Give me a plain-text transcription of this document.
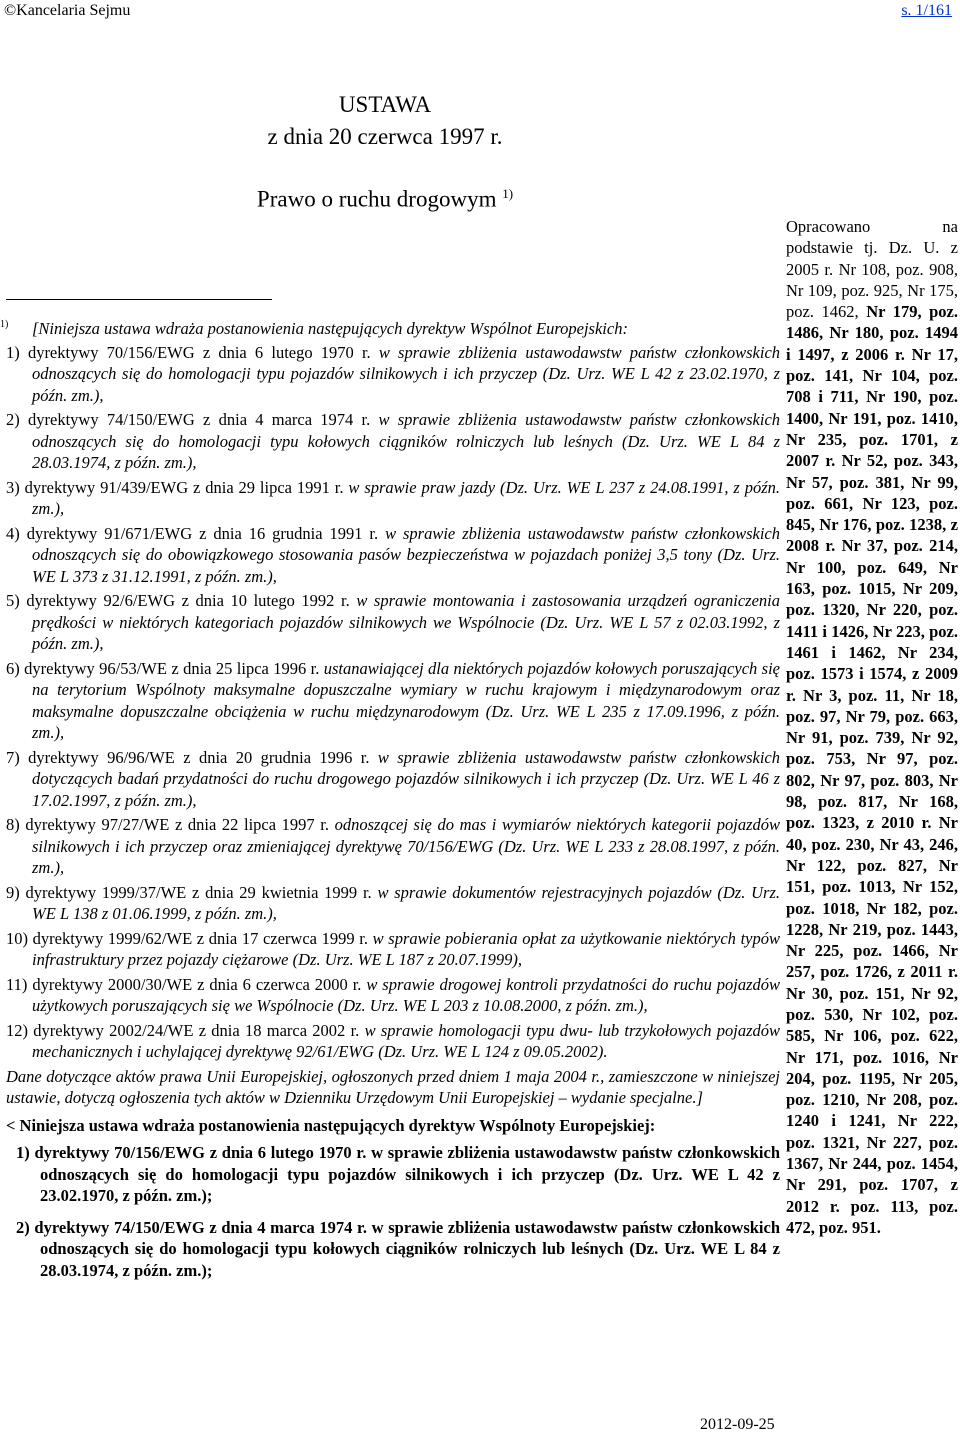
©Kancelaria Sejmu	s. 1/161
USTAWA
z dnia 20 czerwca 1997 r.
Prawo o ruchu drogowym $^{1)}$

1) [Niniejsza ustawa wdraża postanowienia następujących dyrektyw Wspólnot Europejskich:

1) dyrektywy 70/156/EWG z dnia 6 lutego 1970 r. w sprawie zbliżenia ustawodawstw państw członkowskich odnoszących się do homologacji typu pojazdów silnikowych i ich przyczep (Dz. Urz. WE L 42 z 23.02.1970, z późn. zm.),

2) dyrektywy 74/150/EWG z dnia 4 marca 1974 r. w sprawie zbliżenia ustawodawstw państw członkowskich odnoszących się do homologacji typu kołowych ciągników rolniczych lub leśnych (Dz. Urz. WE L 84 z 28.03.1974, z późn. zm.),

3) dyrektywy 91/439/EWG z dnia 29 lipca 1991 r. w sprawie praw jazdy (Dz. Urz. WE L 237 z 24.08.1991, z późn. zm.),

4) dyrektywy 91/671/EWG z dnia 16 grudnia 1991 r. w sprawie zbliżenia ustawodawstw państw członkowskich odnoszących się do obowiązkowego stosowania pasów bezpieczeństwa w pojazdach poniżej 3,5 tony (Dz. Urz. WE L 373 z 31.12.1991, z późn. zm.),

5) dyrektywy 92/6/EWG z dnia 10 lutego 1992 r. w sprawie montowania i zastosowania urządzeń ograniczenia prędkości w niektórych kategoriach pojazdów silnikowych we Wspólnocie (Dz. Urz. WE L 57 z 02.03.1992, z późn. zm.),

6) dyrektywy 96/53/WE z dnia 25 lipca 1996 r. ustanawiającej dla niektórych pojazdów kołowych poruszających się na terytorium Wspólnoty maksymalne dopuszczalne wymiary w ruchu krajowym i międzynarodowym oraz maksymalne dopuszczalne obciążenia w ruchu międzynarodowym (Dz. Urz. WE L 235 z 17.09.1996, z późn. zm.),

7) dyrektywy 96/96/WE z dnia 20 grudnia 1996 r. w sprawie zbliżenia ustawodawstw państw członkowskich dotyczących badań przydatności do ruchu drogowego pojazdów silnikowych i ich przyczep (Dz. Urz. WE L 46 z 17.02.1997, z późn. zm.),

8) dyrektywy 97/27/WE z dnia 22 lipca 1997 r. odnoszącej się do mas i wymiarów niektórych kategorii pojazdów silnikowych i ich przyczep oraz zmieniającej dyrektywę 70/156/EWG (Dz. Urz. WE L 233 z 28.08.1997, z późn. zm.),

9) dyrektywy 1999/37/WE z dnia 29 kwietnia 1999 r. w sprawie dokumentów rejestracyjnych pojazdów (Dz. Urz. WE L 138 z 01.06.1999, z późn. zm.),

10) dyrektywy 1999/62/WE z dnia 17 czerwca 1999 r. w sprawie pobierania opłat za użytkowanie niektórych typów infrastruktury przez pojazdy ciężarowe (Dz. Urz. WE L 187 z 20.07.1999),

11) dyrektywy 2000/30/WE z dnia 6 czerwca 2000 r. w sprawie drogowej kontroli przydatności do ruchu pojazdów użytkowych poruszających się we Wspólnocie (Dz. Urz. WE L 203 z 10.08.2000, z późn. zm.),

12) dyrektywy 2002/24/WE z dnia 18 marca 2002 r. w sprawie homologacji typu dwu- lub trzykołowych pojazdów mechanicznych i uchylającej dyrektywę 92/61/EWG (Dz. Urz. WE L 124 z 09.05.2002).

Dane dotyczące aktów prawa Unii Europejskiej, ogłoszonych przed dniem 1 maja 2004 r., zamieszczone w niniejszej ustawie, dotyczą ogłoszenia tych aktów w Dzienniku Urzędowym Unii Europejskiej – wydanie specjalne.]

< Niniejsza ustawa wdraża postanowienia następujących dyrektyw Wspólnoty Europejskiej:

1) dyrektywy 70/156/EWG z dnia 6 lutego 1970 r. w sprawie zbliżenia ustawodawstw państw członkowskich odnoszących się do homologacji typu pojazdów silnikowych i ich przyczep (Dz. Urz. WE L 42 z 23.02.1970, z późn. zm.);

2) dyrektywy 74/150/EWG z dnia 4 marca 1974 r. w sprawie zbliżenia ustawodawstw państw członkowskich odnoszących się do homologacji typu kołowych ciągników rolniczych lub leśnych (Dz. Urz. WE L 84 z 28.03.1974, z późn. zm.);

Opracowano na podstawie tj. Dz. U. z 2005 r. Nr 108, poz. 908, Nr 109, poz. 925, Nr 175, poz. 1462, Nr 179, poz. 1486, Nr 180, poz. 1494 i 1497, z 2006 r. Nr 17, poz. 141, Nr 104, poz. 708 i 711, Nr 190, poz. 1400, Nr 191, poz. 1410, Nr 235, poz. 1701, z 2007 r. Nr 52, poz. 343, Nr 57, poz. 381, Nr 99, poz. 661, Nr 123, poz. 845, Nr 176, poz. 1238, z 2008 r. Nr 37, poz. 214, Nr 100, poz. 649, Nr 163, poz. 1015, Nr 209, poz. 1320, Nr 220, poz. 1411 i 1426, Nr 223, poz. 1461 i 1462, Nr 234, poz. 1573 i 1574, z 2009 r. Nr 3, poz. 11, Nr 18, poz. 97, Nr 79, poz. 663, Nr 91, poz. 739, Nr 92, poz. 753, Nr 97, poz. 802, Nr 97, poz. 803, Nr 98, poz. 817, Nr 168, poz. 1323, z 2010 r. Nr 40, poz. 230, Nr 43, 246, Nr 122, poz. 827, Nr 151, poz. 1013, Nr 152, poz. 1018, Nr 182, poz. 1228, Nr 219, poz. 1443, Nr 225, poz. 1466, Nr 257, poz. 1726, z 2011 r. Nr 30, poz. 151, Nr 92, poz. 530, Nr 102, poz. 585, Nr 106, poz. 622, Nr 171, poz. 1016, Nr 204, poz. 1195, Nr 205, poz. 1210, Nr 208, poz. 1240 i 1241, Nr 222, poz. 1321, Nr 227, poz. 1367, Nr 244, poz. 1454, Nr 291, poz. 1707, z 2012 r. poz. 113, poz. 472, poz. 951.
2012-09-25
